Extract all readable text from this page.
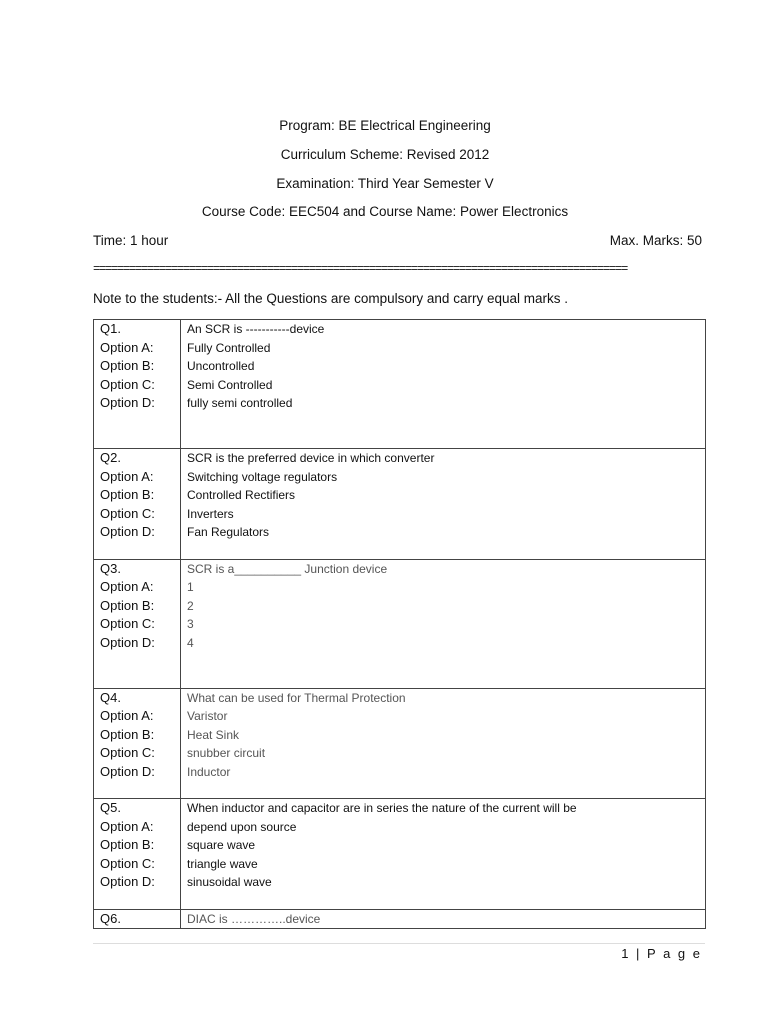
Program: BE Electrical Engineering
Curriculum Scheme: Revised 2012
Examination: Third Year Semester V
Course Code: EEC504 and Course Name: Power Electronics
Time: 1 hour	Max. Marks: 50
=========================================================================================
Note to the students:- All the Questions are compulsory and carry equal marks .
Q1.	An SCR is -----------device
Option A:	Fully Controlled
Option B:	Uncontrolled
Option C:	Semi Controlled
Option D:	fully semi controlled

Q2.	SCR is the preferred device in which converter
Option A:	Switching voltage regulators
Option B:	Controlled Rectifiers
Option C:	Inverters
Option D:	Fan Regulators

Q3.	SCR is a__________ Junction device
Option A:	1
Option B:	2
Option C:	3
Option D:	4

Q4.	What can be used for Thermal Protection
Option A:	Varistor
Option B:	Heat Sink
Option C:	snubber circuit
Option D:	Inductor

Q5.	When inductor and capacitor are in series the nature of the current will be
Option A:	depend upon source
Option B:	square wave
Option C:	triangle wave
Option D:	sinusoidal wave

Q6.	DIAC is …………..device
1 | P a g e
